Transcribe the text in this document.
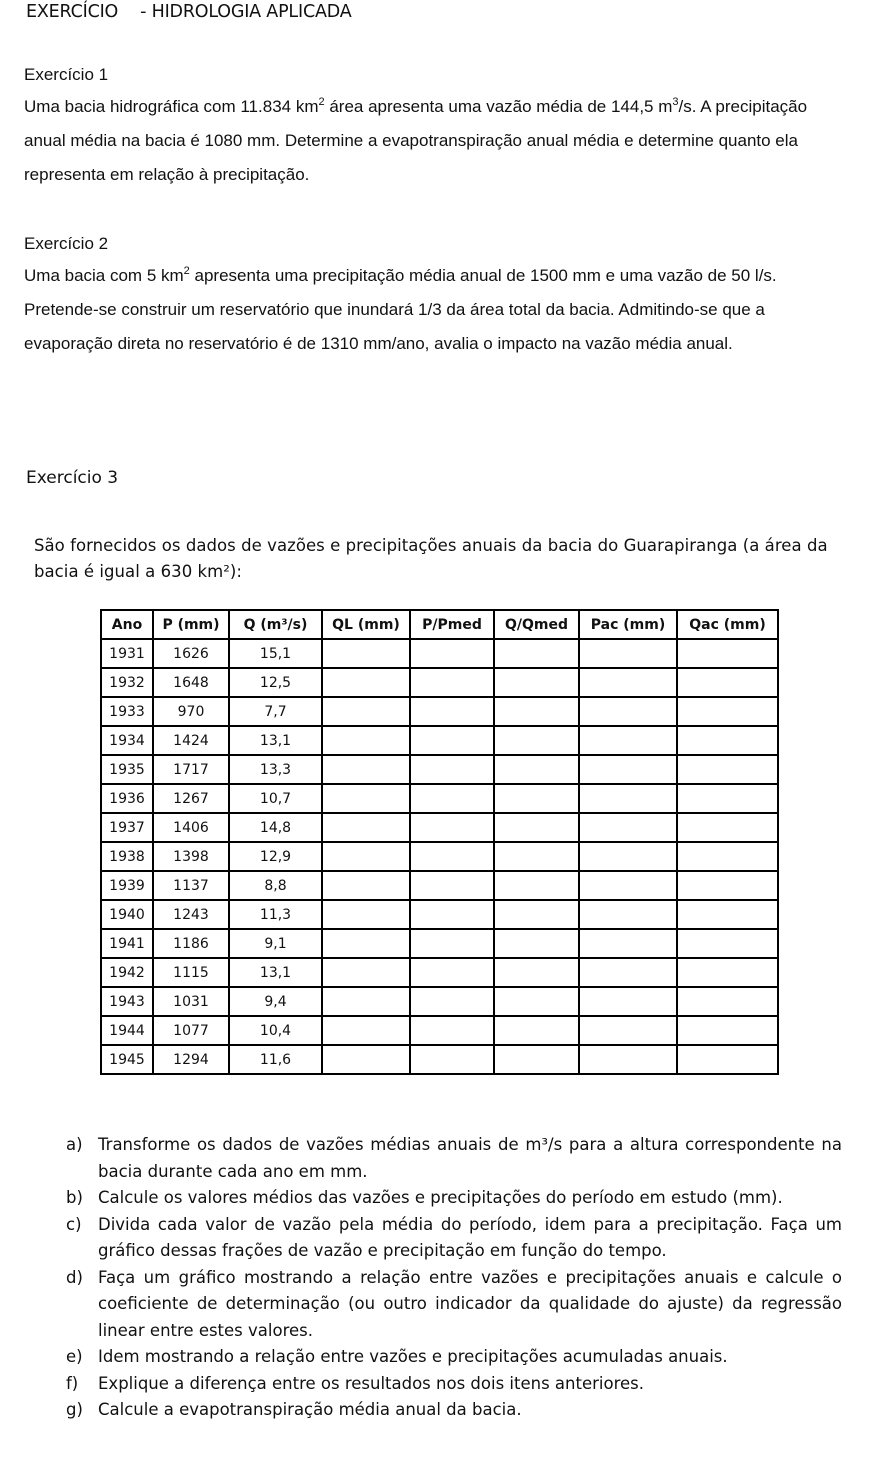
EXERCÍCIO - HIDROLOGIA APLICADA
Exercício 1
Uma bacia hidrográfica com 11.834 $km^2$ área apresenta uma vazão média de 144,5 $m^3/s$. A precipitação anual média na bacia é 1080 mm. Determine a evapotranspiração anual média e determine quanto ela representa em relação à precipitação.
Exercício 2
Uma bacia com 5 $km^2$ apresenta uma precipitação média anual de 1500 mm e uma vazão de 50 l/s. Pretende-se construir um reservatório que inundará 1/3 da área total da bacia. Admitindo-se que a evaporação direta no reservatório é de 1310 mm/ano, avalia o impacto na vazão média anual.
Exercício 3
São fornecidos os dados de vazões e precipitações anuais da bacia do Guarapiranga (a área da bacia é igual a 630 km²):
Ano	P (mm)	Q (m³/s)	QL (mm)	P/Pmed	Q/Qmed	Pac (mm)	Qac (mm)
1931	1626	15,1					
1932	1648	12,5					
1933	970	7,7					
1934	1424	13,1					
1935	1717	13,3					
1936	1267	10,7					
1937	1406	14,8					
1938	1398	12,9					
1939	1137	8,8					
1940	1243	11,3					
1941	1186	9,1					
1942	1115	13,1					
1943	1031	9,4					
1944	1077	10,4					
1945	1294	11,6					
a) Transforme os dados de vazões médias anuais de m³/s para a altura correspondente na bacia durante cada ano em mm.
b) Calcule os valores médios das vazões e precipitações do período em estudo (mm).
c) Divida cada valor de vazão pela média do período, idem para a precipitação. Faça um gráfico dessas frações de vazão e precipitação em função do tempo.
d) Faça um gráfico mostrando a relação entre vazões e precipitações anuais e calcule o coeficiente de determinação (ou outro indicador da qualidade do ajuste) da regressão linear entre estes valores.
e) Idem mostrando a relação entre vazões e precipitações acumuladas anuais.
f) Explique a diferença entre os resultados nos dois itens anteriores.
g) Calcule a evapotranspiração média anual da bacia.
